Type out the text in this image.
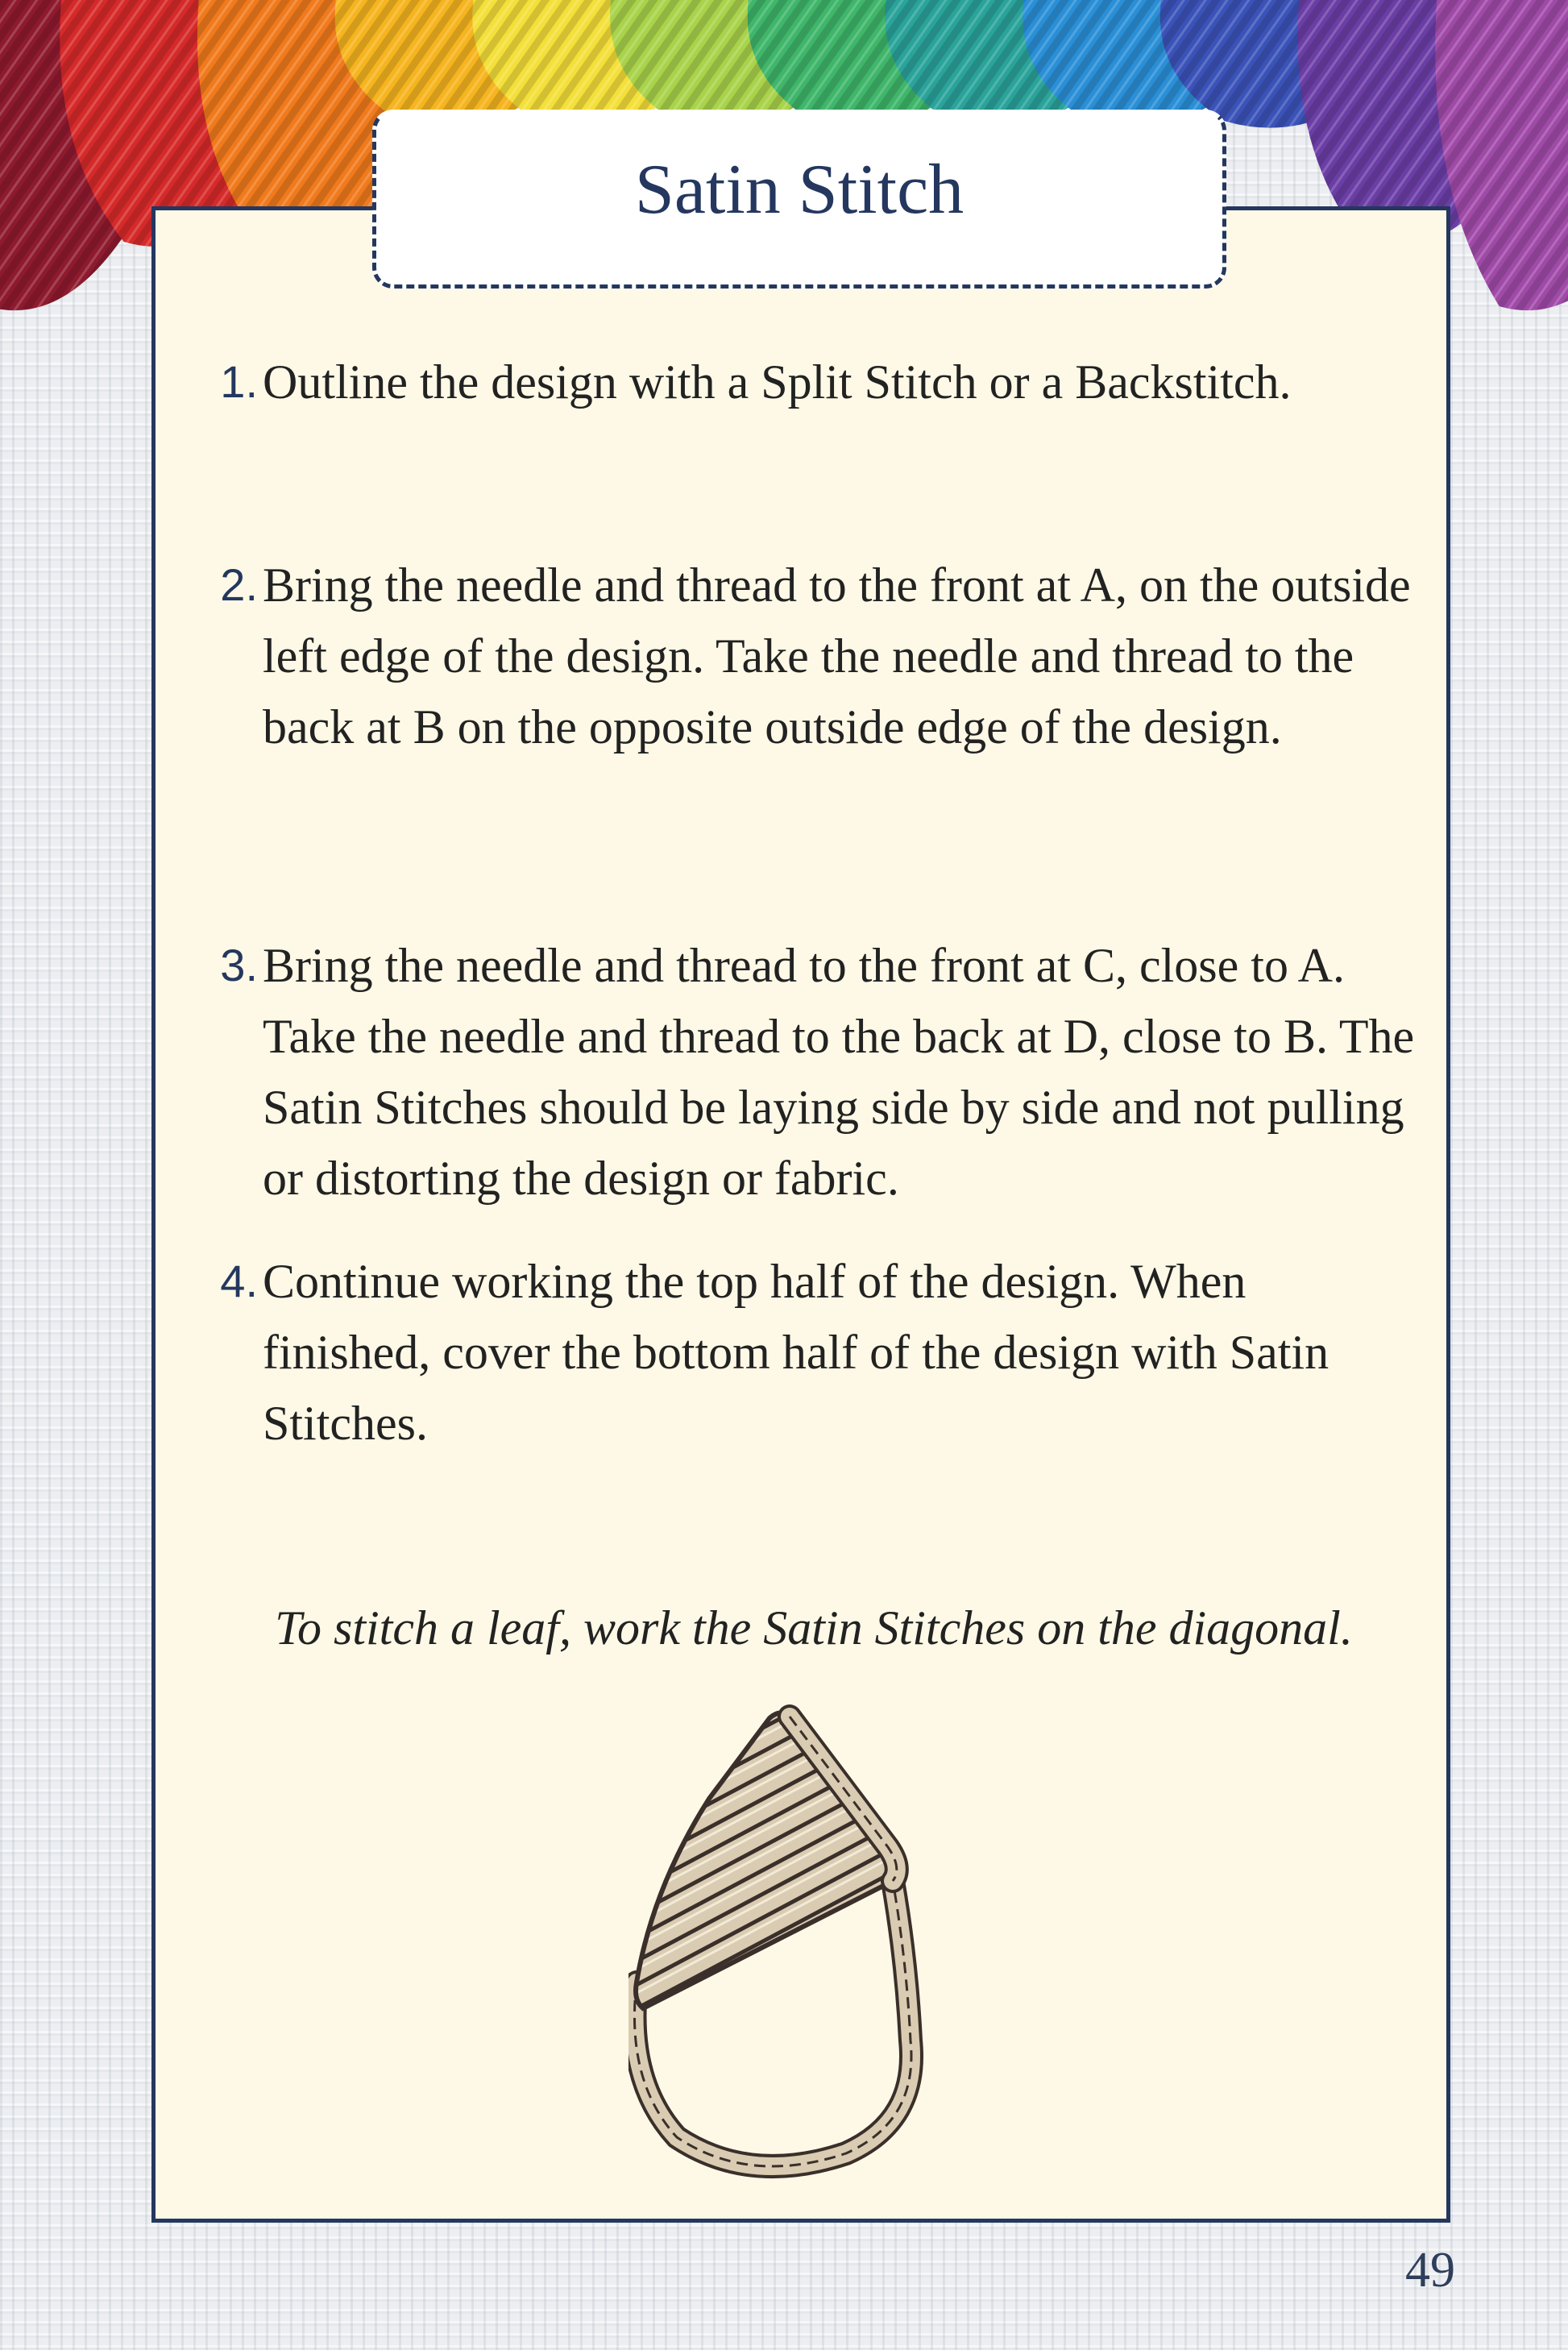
Satin Stitch
1. Outline the design with a Split Stitch or a Backstitch.
2. Bring the needle and thread to the front at A, on the outside left edge of the design. Take the needle and thread to the back at B on the opposite outside edge of the design.
3. Bring the needle and thread to the front at C, close to A. Take the needle and thread to the back at D, close to B. The Satin Stitches should be laying side by side and not pulling or distorting the design or fabric.
4. Continue working the top half of the design. When finished, cover the bottom half of the design with Satin Stitches.
To stitch a leaf, work the Satin Stitches on the diagonal.
49
